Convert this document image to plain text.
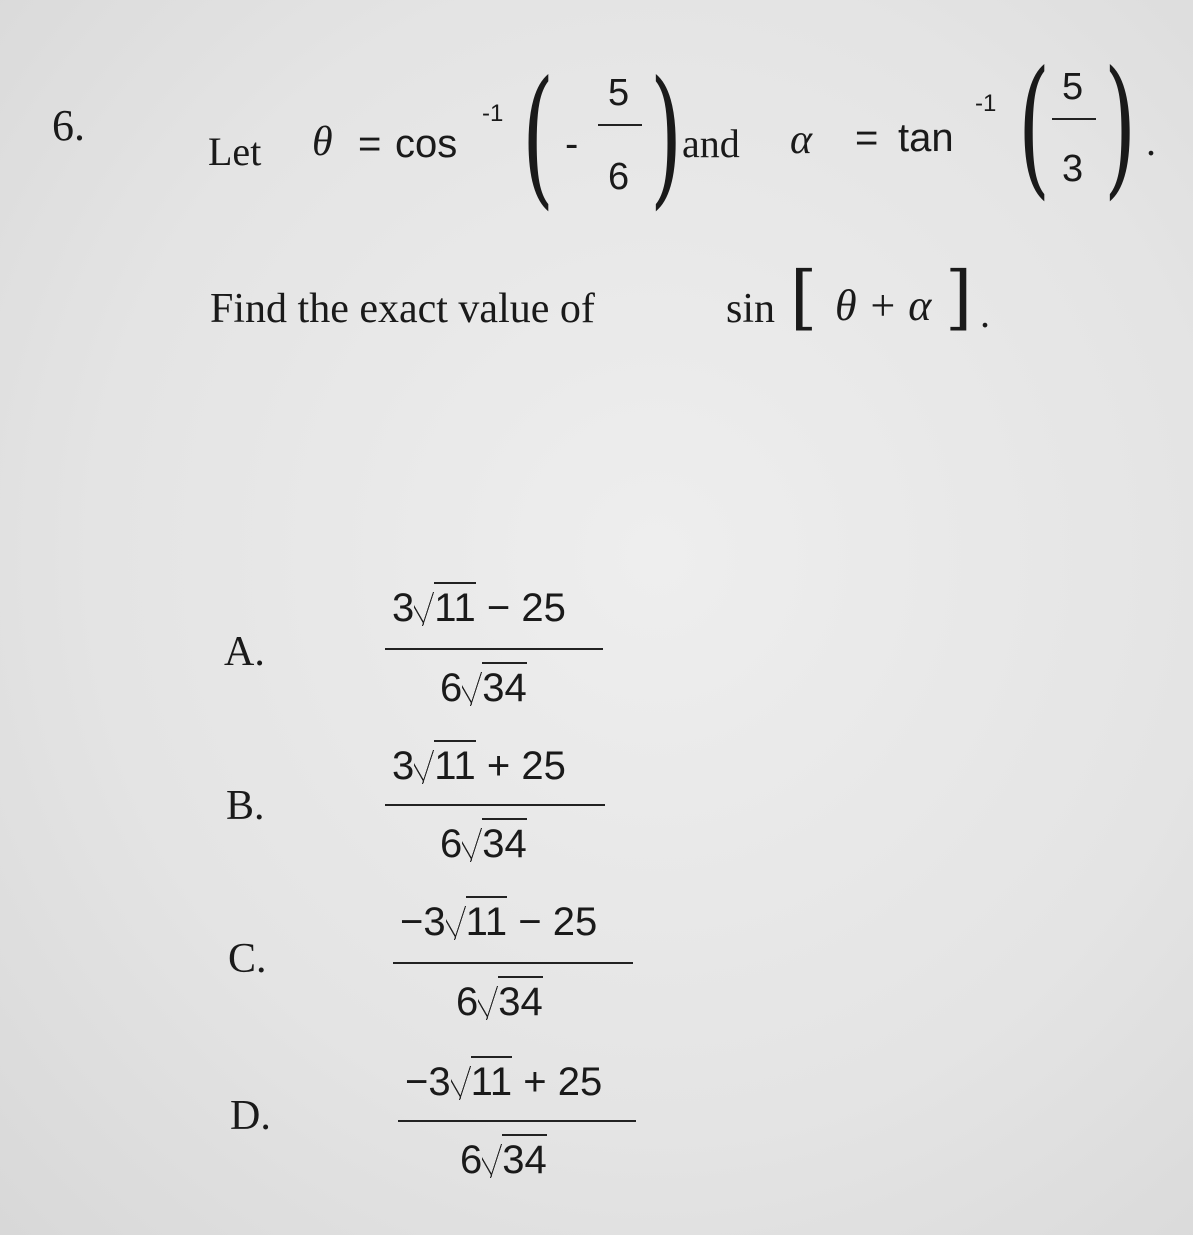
6.
Let θ = cos
-1 ( -
5
6 ) and α = tan
-1 ( 5
3 ) .
Find the exact value of	sin [ θ + α ] .
A.
3 11 − 25
6 34
B.
3 11 + 25
6 34
C.
−3 11 − 25
6 34
D.
−3 11 + 25
6 34
